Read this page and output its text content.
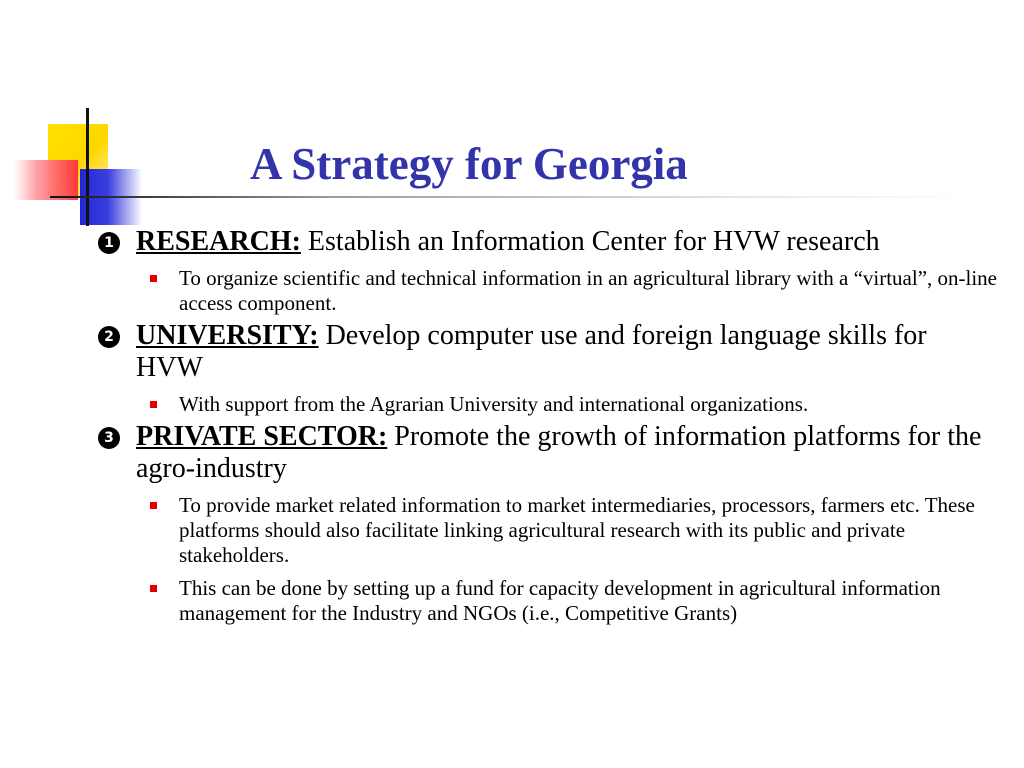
A Strategy for Georgia
1 RESEARCH: Establish an Information Center for HVW research
To organize scientific and technical information in an agricultural library with a “virtual”, on-line access component.
2 UNIVERSITY: Develop computer use and foreign language skills for HVW
With support from the Agrarian University and international organizations.
3 PRIVATE SECTOR: Promote the growth of information platforms for the agro-industry
To provide market related information to market intermediaries, processors, farmers etc. These platforms should also facilitate linking agricultural research with its public and private stakeholders.
This can be done by setting up a fund for capacity development in agricultural information management for the Industry and NGOs (i.e., Competitive Grants)
